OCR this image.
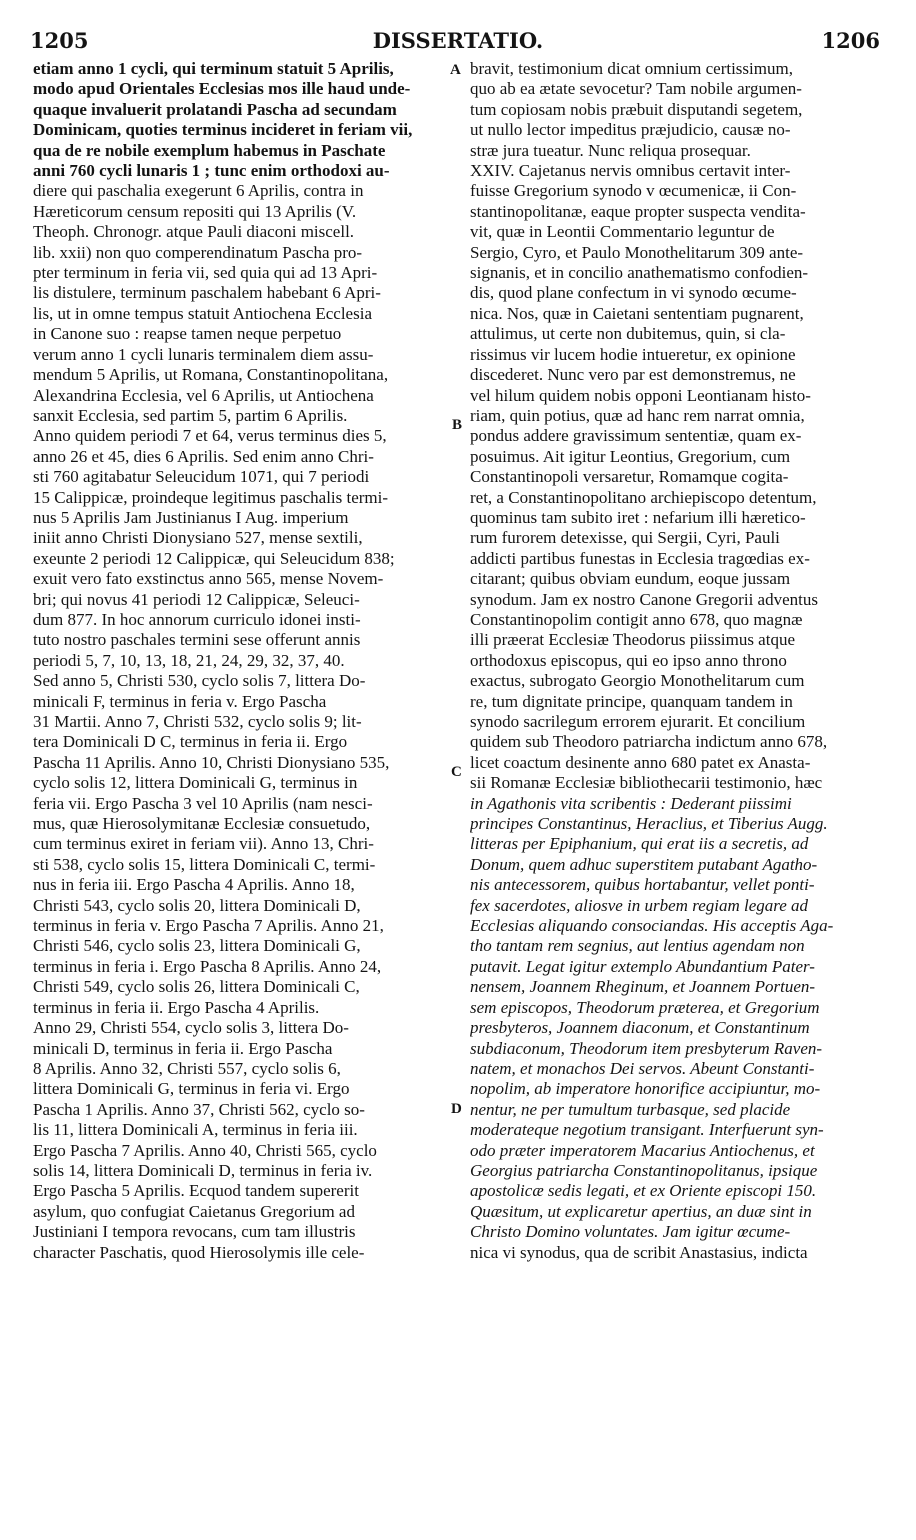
1205	DISSERTATIO.	1206
A
B
C
D
etiam anno 1 cycli, qui terminum statuit 5 Aprilis,
modo apud Orientales Ecclesias mos ille haud unde-
quaque invaluerit prolatandi Pascha ad secundam
Dominicam, quoties terminus incideret in feriam vii,
qua de re nobile exemplum habemus in Paschate
anni 760 cycli lunaris 1 ; tunc enim orthodoxi au-
diere qui paschalia exegerunt 6 Aprilis, contra in
Hæreticorum censum repositi qui 13 Aprilis (V.
Theoph. Chronogr. atque Pauli diaconi miscell.
lib. xxii) non quo comperendinatum Pascha pro-
pter terminum in feria vii, sed quia qui ad 13 Apri-
lis distulere, terminum paschalem habebant 6 Apri-
lis, ut in omne tempus statuit Antiochena Ecclesia
in Canone suo : reapse tamen neque perpetuo
verum anno 1 cycli lunaris terminalem diem assu-
mendum 5 Aprilis, ut Romana, Constantinopolitana,
Alexandrina Ecclesia, vel 6 Aprilis, ut Antiochena
sanxit Ecclesia, sed partim 5, partim 6 Aprilis.
Anno quidem periodi 7 et 64, verus terminus dies 5,
anno 26 et 45, dies 6 Aprilis. Sed enim anno Chri-
sti 760 agitabatur Seleucidum 1071, qui 7 periodi
15 Calippicæ, proindeque legitimus paschalis termi-
nus 5 Aprilis Jam Justinianus I Aug. imperium
iniit anno Christi Dionysiano 527, mense sextili,
exeunte 2 periodi 12 Calippicæ, qui Seleucidum 838;
exuit vero fato exstinctus anno 565, mense Novem-
bri; qui novus 41 periodi 12 Calippicæ, Seleuci-
dum 877. In hoc annorum curriculo idonei insti-
tuto nostro paschales termini sese offerunt annis
periodi 5, 7, 10, 13, 18, 21, 24, 29, 32, 37, 40.
Sed anno 5, Christi 530, cyclo solis 7, littera Do-
minicali F, terminus in feria v. Ergo Pascha
31 Martii. Anno 7, Christi 532, cyclo solis 9; lit-
tera Dominicali D C, terminus in feria ii. Ergo
Pascha 11 Aprilis. Anno 10, Christi Dionysiano 535,
cyclo solis 12, littera Dominicali G, terminus in
feria vii. Ergo Pascha 3 vel 10 Aprilis (nam nesci-
mus, quæ Hierosolymitanæ Ecclesiæ consuetudo,
cum terminus exiret in feriam vii). Anno 13, Chri-
sti 538, cyclo solis 15, littera Dominicali C, termi-
nus in feria iii. Ergo Pascha 4 Aprilis. Anno 18,
Christi 543, cyclo solis 20, littera Dominicali D,
terminus in feria v. Ergo Pascha 7 Aprilis. Anno 21,
Christi 546, cyclo solis 23, littera Dominicali G,
terminus in feria i. Ergo Pascha 8 Aprilis. Anno 24,
Christi 549, cyclo solis 26, littera Dominicali C,
terminus in feria ii. Ergo Pascha 4 Aprilis.
Anno 29, Christi 554, cyclo solis 3, littera Do-
minicali D, terminus in feria ii. Ergo Pascha
8 Aprilis. Anno 32, Christi 557, cyclo solis 6,
littera Dominicali G, terminus in feria vi. Ergo
Pascha 1 Aprilis. Anno 37, Christi 562, cyclo so-
lis 11, littera Dominicali A, terminus in feria iii.
Ergo Pascha 7 Aprilis. Anno 40, Christi 565, cyclo
solis 14, littera Dominicali D, terminus in feria iv.
Ergo Pascha 5 Aprilis. Ecquod tandem supererit
asylum, quo confugiat Caietanus Gregorium ad
Justiniani I tempora revocans, cum tam illustris
character Paschatis, quod Hierosolymis ille cele-
bravit, testimonium dicat omnium certissimum,
quo ab ea ætate sevocetur? Tam nobile argumen-
tum copiosam nobis præbuit disputandi segetem,
ut nullo lector impeditus præjudicio, causæ no-
stræ jura tueatur. Nunc reliqua prosequar.
XXIV. Cajetanus nervis omnibus certavit inter-
fuisse Gregorium synodo v œcumenicæ, ii Con-
stantinopolitanæ, eaque propter suspecta vendita-
vit, quæ in Leontii Commentario leguntur de
Sergio, Cyro, et Paulo Monothelitarum 309 ante-
signanis, et in concilio anathematismo confodien-
dis, quod plane confectum in vi synodo œcume-
nica. Nos, quæ in Caietani sententiam pugnarent,
attulimus, ut certe non dubitemus, quin, si cla-
rissimus vir lucem hodie intueretur, ex opinione
discederet. Nunc vero par est demonstremus, ne
vel hilum quidem nobis opponi Leontianam histo-
riam, quin potius, quæ ad hanc rem narrat omnia,
pondus addere gravissimum sententiæ, quam ex-
posuimus. Ait igitur Leontius, Gregorium, cum
Constantinopoli versaretur, Romamque cogita-
ret, a Constantinopolitano archiepiscopo detentum,
quominus tam subito iret : nefarium illi hæretico-
rum furorem detexisse, qui Sergii, Cyri, Pauli
addicti partibus funestas in Ecclesia tragœdias ex-
citarant; quibus obviam eundum, eoque jussam
synodum. Jam ex nostro Canone Gregorii adventus
Constantinopolim contigit anno 678, quo magnæ
illi præerat Ecclesiæ Theodorus piissimus atque
orthodoxus episcopus, qui eo ipso anno throno
exactus, subrogato Georgio Monothelitarum cum
re, tum dignitate principe, quanquam tandem in
synodo sacrilegum errorem ejurarit. Et concilium
quidem sub Theodoro patriarcha indictum anno 678,
licet coactum desinente anno 680 patet ex Anasta-
sii Romanæ Ecclesiæ bibliothecarii testimonio, hæc
in Agathonis vita scribentis : Dederant piissimi
principes Constantinus, Heraclius, et Tiberius Augg.
litteras per Epiphanium, qui erat iis a secretis, ad
Donum, quem adhuc superstitem putabant Agatho-
nis antecessorem, quibus hortabantur, vellet ponti-
fex sacerdotes, aliosve in urbem regiam legare ad
Ecclesias aliquando consociandas. His acceptis Aga-
tho tantam rem segnius, aut lentius agendam non
putavit. Legat igitur extemplo Abundantium Pater-
nensem, Joannem Rheginum, et Joannem Portuen-
sem episcopos, Theodorum præterea, et Gregorium
presbyteros, Joannem diaconum, et Constantinum
subdiaconum, Theodorum item presbyterum Raven-
natem, et monachos Dei servos. Abeunt Constanti-
nopolim, ab imperatore honorifice accipiuntur, mo-
nentur, ne per tumultum turbasque, sed placide
moderateque negotium transigant. Interfuerunt syn-
odo præter imperatorem Macarius Antiochenus, et
Georgius patriarcha Constantinopolitanus, ipsique
apostolicæ sedis legati, et ex Oriente episcopi 150.
Quæsitum, ut explicaretur apertius, an duæ sint in
Christo Domino voluntates. Jam igitur œcume-
nica vi synodus, qua de scribit Anastasius, indicta
